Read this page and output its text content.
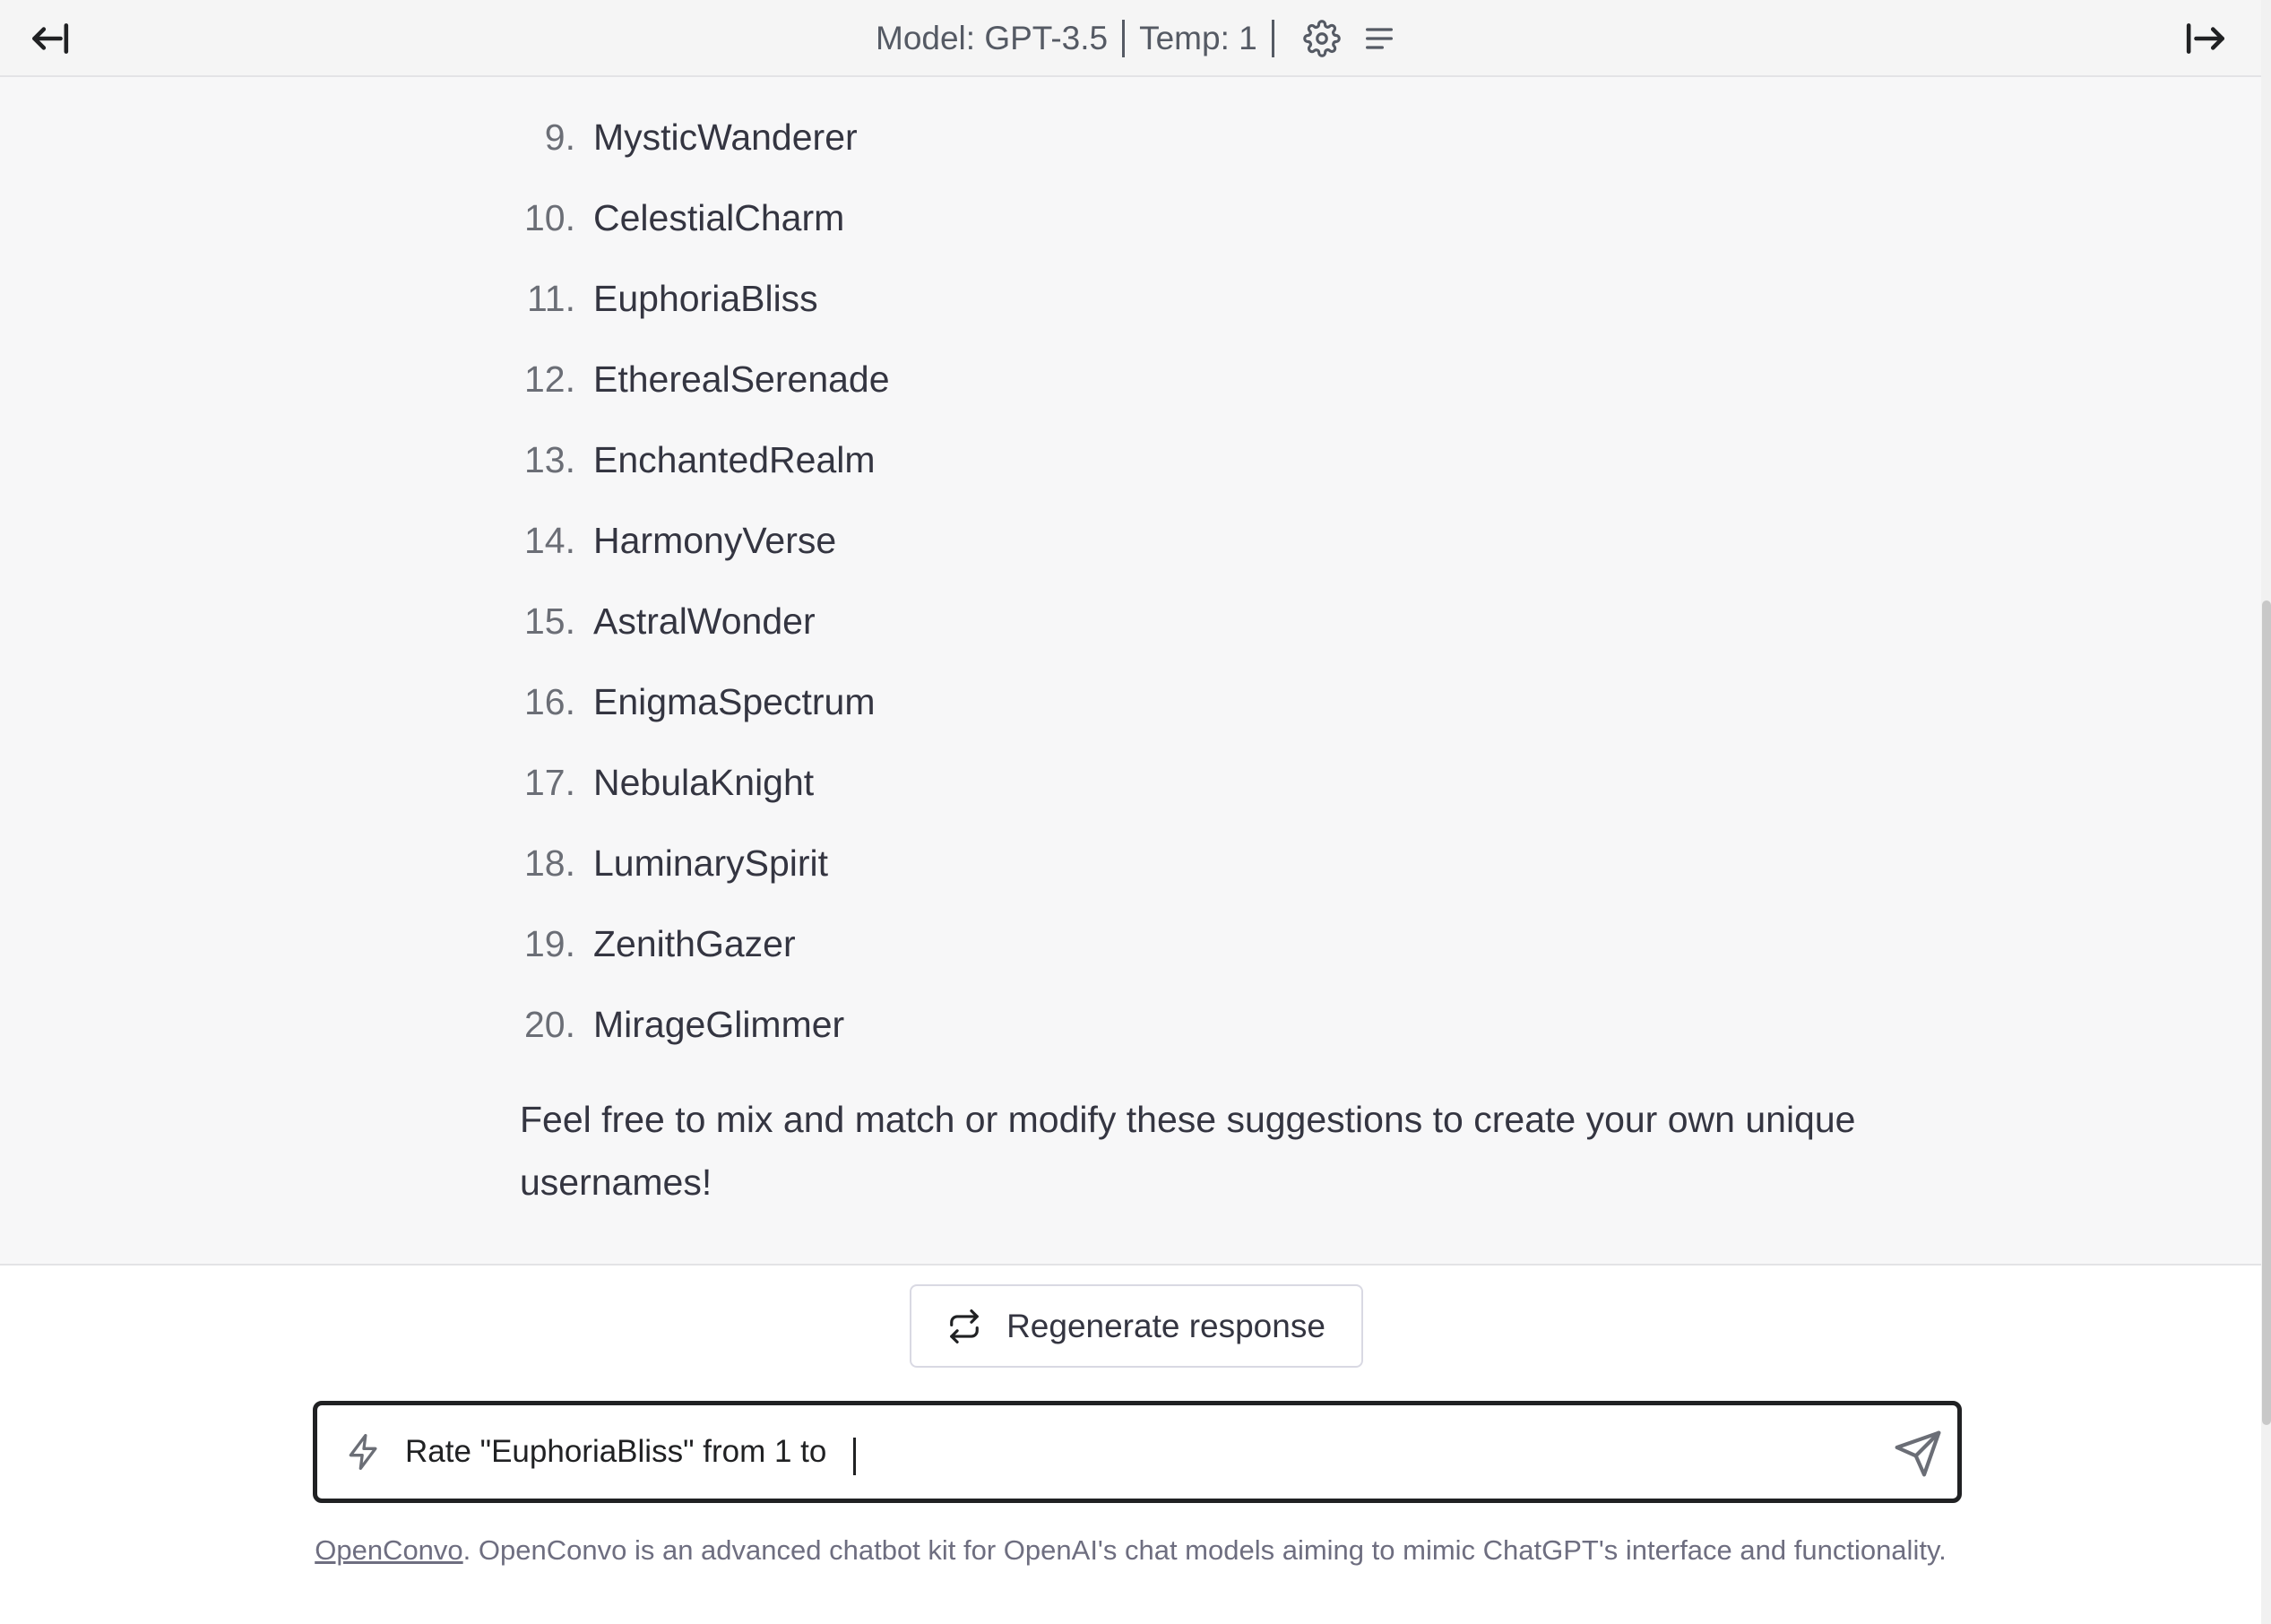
Model: GPT-3.5 Temp: 1
9. MysticWanderer
10. CelestialCharm
11. EuphoriaBliss
12. EtherealSerenade
13. EnchantedRealm
14. HarmonyVerse
15. AstralWonder
16. EnigmaSpectrum
17. NebulaKnight
18. LuminarySpirit
19. ZenithGazer
20. MirageGlimmer

Feel free to mix and match or modify these suggestions to create your own unique usernames!

Regenerate response
Rate "EuphoriaBliss" from 1 to
OpenConvo. OpenConvo is an advanced chatbot kit for OpenAI's chat models aiming to mimic ChatGPT's interface and functionality.
